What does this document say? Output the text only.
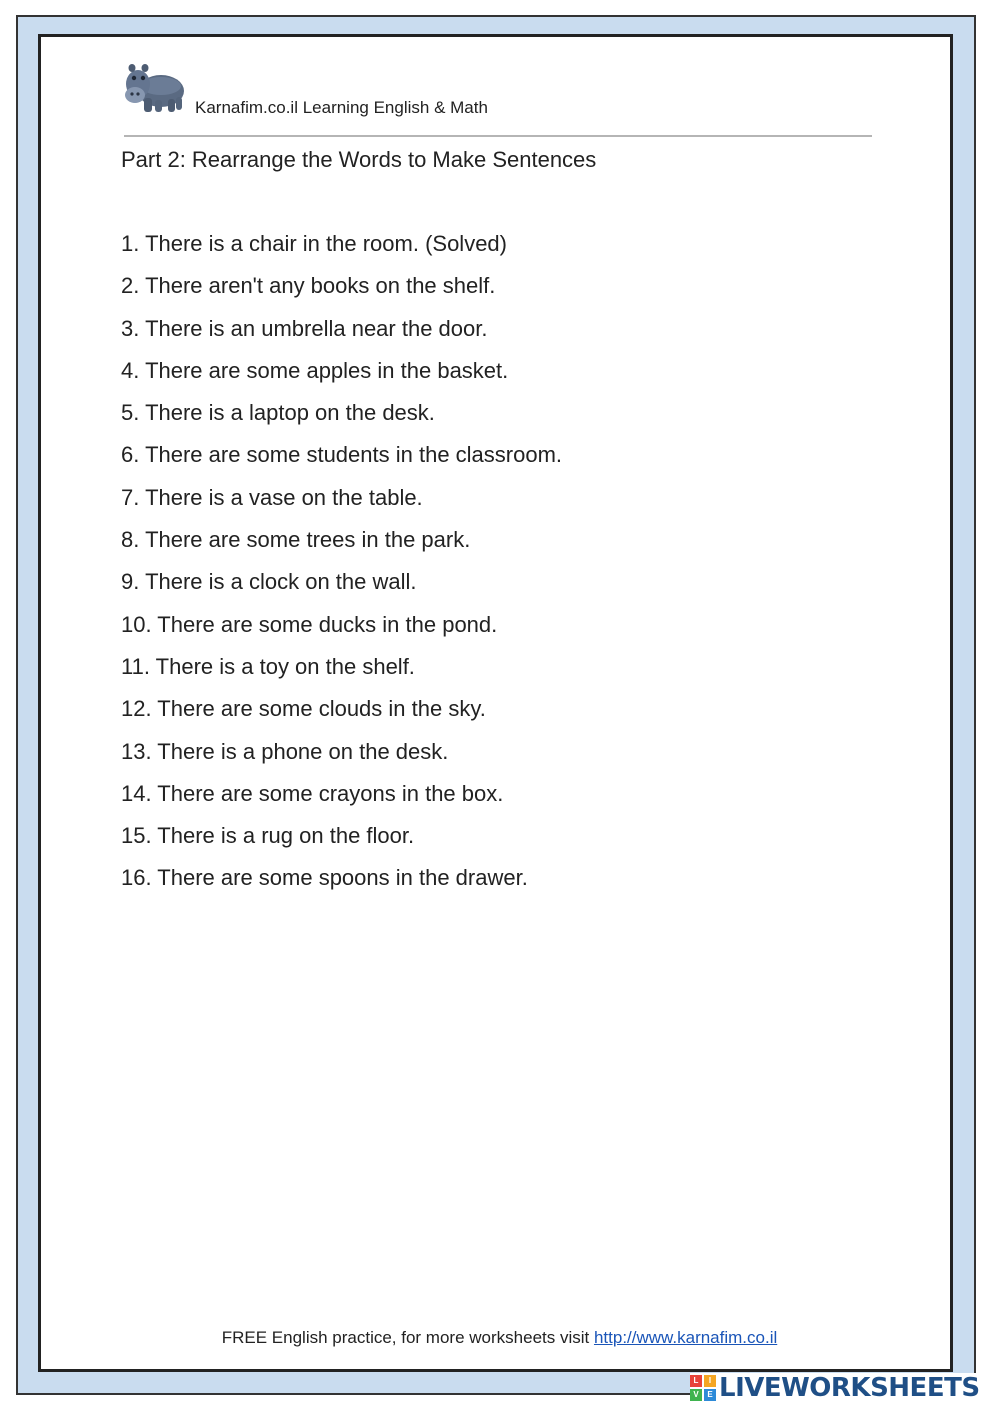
Karnafim.co.il Learning English & Math
Part 2: Rearrange the Words to Make Sentences
1. There is a chair in the room. (Solved)
2. There aren't any books on the shelf.
3. There is an umbrella near the door.
4. There are some apples in the basket.
5. There is a laptop on the desk.
6. There are some students in the classroom.
7. There is a vase on the table.
8. There are some trees in the park.
9. There is a clock on the wall.
10. There are some ducks in the pond.
11. There is a toy on the shelf.
12. There are some clouds in the sky.
13. There is a phone on the desk.
14. There are some crayons in the box.
15. There is a rug on the floor.
16. There are some spoons in the drawer.
FREE English practice, for more worksheets visit http://www.karnafim.co.il
L	I
V	E LIVEWORKSHEETS
